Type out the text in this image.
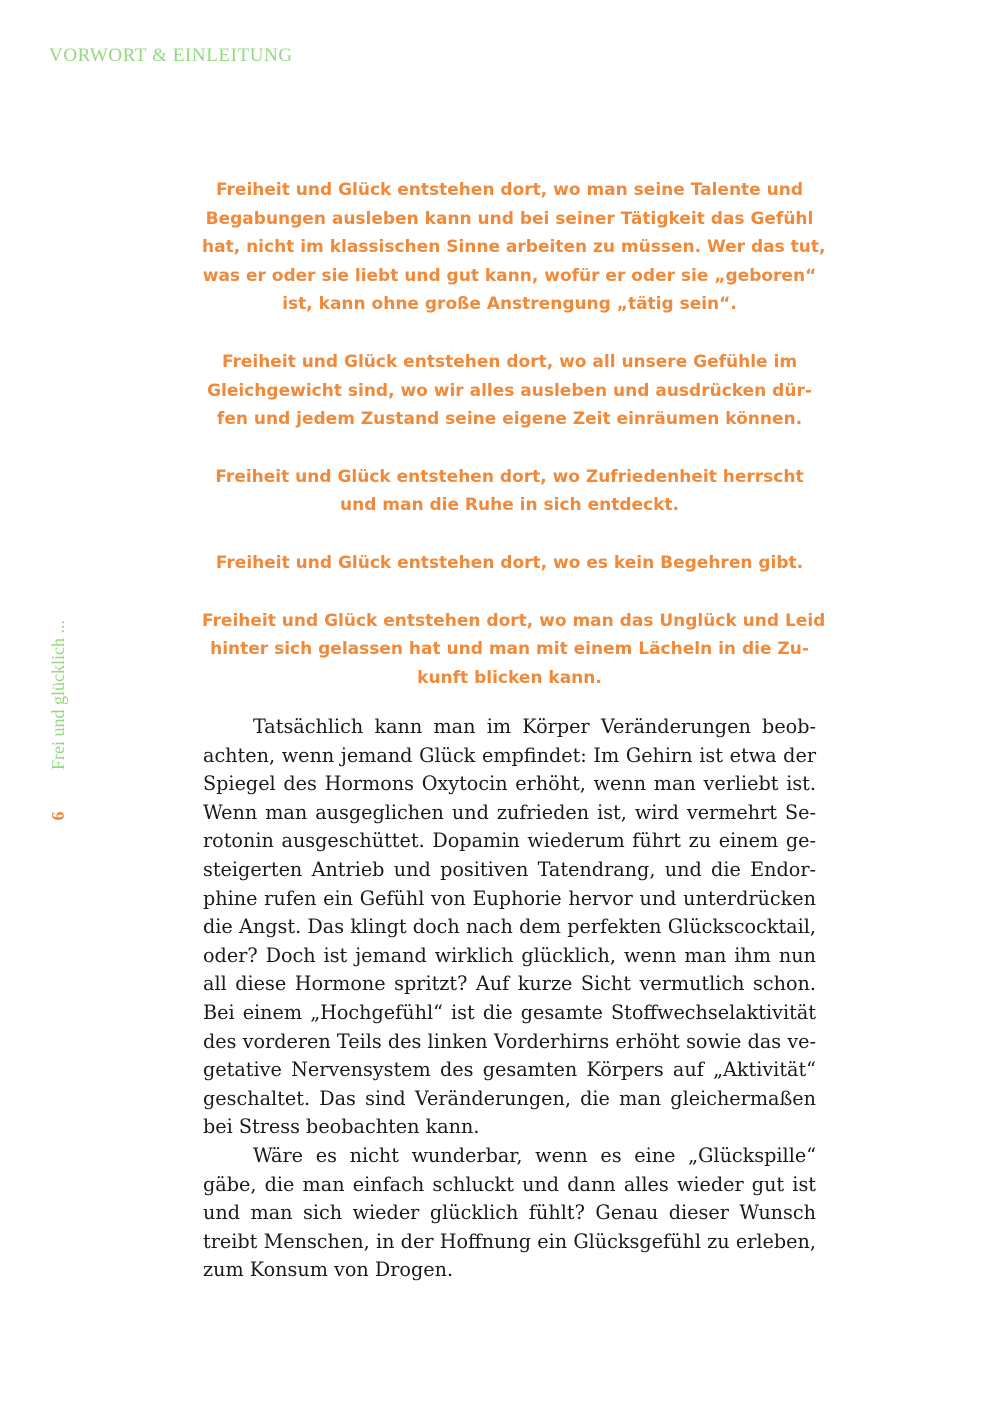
VORWORT & EINLEITUNG
Frei und glücklich ...
6

Freiheit und Glück entstehen dort, wo man seine Talente und
Begabungen ausleben kann und bei seiner Tätigkeit das Gefühl
hat, nicht im klassischen Sinne arbeiten zu müssen. Wer das tut,
was er oder sie liebt und gut kann, wofür er oder sie „geboren“
ist, kann ohne große Anstrengung „tätig sein“.

Freiheit und Glück entstehen dort, wo all unsere Gefühle im
Gleichgewicht sind, wo wir alles ausleben und ausdrücken dür-
fen und jedem Zustand seine eigene Zeit einräumen können.

Freiheit und Glück entstehen dort, wo Zufriedenheit herrscht
und man die Ruhe in sich entdeckt.

Freiheit und Glück entstehen dort, wo es kein Begehren gibt.

Freiheit und Glück entstehen dort, wo man das Unglück und Leid
hinter sich gelassen hat und man mit einem Lächeln in die Zu-
kunft blicken kann.

Tatsächlich kann man im Körper Veränderungen beob-
achten, wenn jemand Glück empfindet: Im Gehirn ist etwa der
Spiegel des Hormons Oxytocin erhöht, wenn man verliebt ist.
Wenn man ausgeglichen und zufrieden ist, wird vermehrt Se-
rotonin ausgeschüttet. Dopamin wiederum führt zu einem ge-
steigerten Antrieb und positiven Tatendrang, und die Endor-
phine rufen ein Gefühl von Euphorie hervor und unterdrücken
die Angst. Das klingt doch nach dem perfekten Glückscocktail,
oder? Doch ist jemand wirklich glücklich, wenn man ihm nun
all diese Hormone spritzt? Auf kurze Sicht vermutlich schon.
Bei einem „Hochgefühl“ ist die gesamte Stoffwechselaktivität
des vorderen Teils des linken Vorderhirns erhöht sowie das ve-
getative Nervensystem des gesamten Körpers auf „Aktivität“
geschaltet. Das sind Veränderungen, die man gleichermaßen
bei Stress beobachten kann.
Wäre es nicht wunderbar, wenn es eine „Glückspille“
gäbe, die man einfach schluckt und dann alles wieder gut ist
und man sich wieder glücklich fühlt? Genau dieser Wunsch
treibt Menschen, in der Hoffnung ein Glücksgefühl zu erleben,
zum Konsum von Drogen.
